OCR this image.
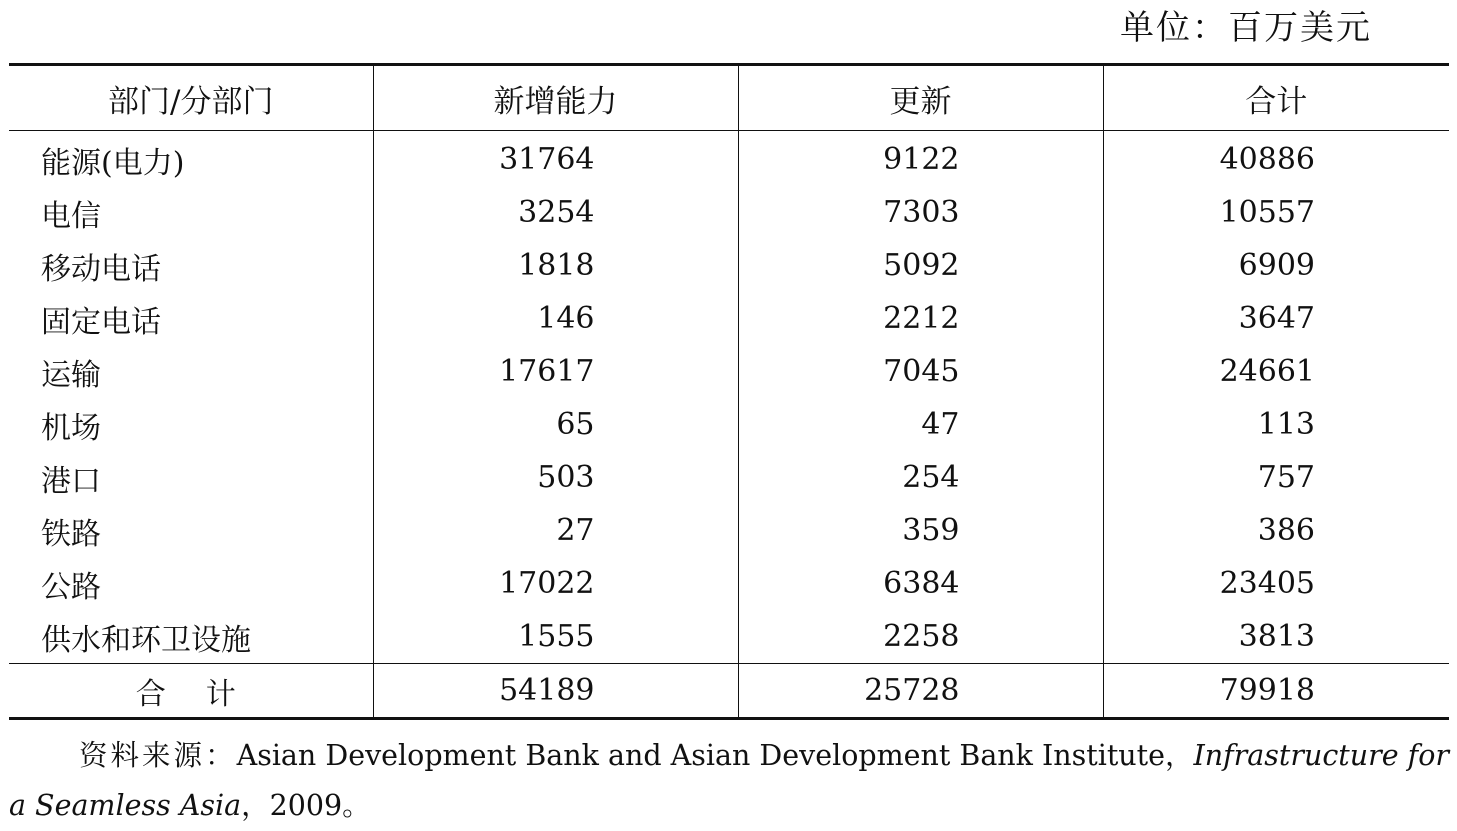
单位：百万美元
部门/分部门	新增能力	更新	合计
能源(电力)	31764	9122	40886
电信	3254	7303	10557
移动电话	1818	5092	6909
固定电话	146	2212	3647
运输	17617	7045	24661
机场	65	47	113
港口	503	254	757
铁路	27	359	386
公路	17022	6384	23405
供水和环卫设施	1555	2258	3813
合计	54189	25728	79918
资料来源：Asian Development Bank and Asian Development Bank Institute，Infrastructure for a Seamless Asia，2009。
